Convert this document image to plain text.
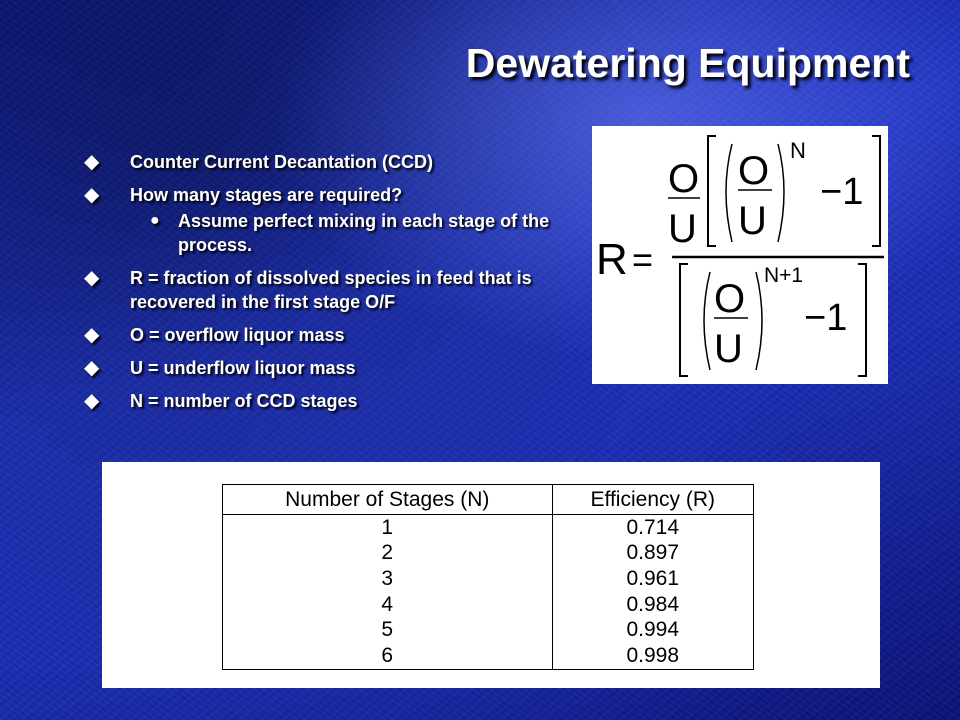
Dewatering Equipment
◆ Counter Current Decantation (CCD)
◆ How many stages are required?
● Assume perfect mixing in each stage of the process.
◆ R = fraction of dissolved species in feed that is recovered in the first stage O/F
◆ O = overflow liquor mass
◆ U = underflow liquor mass
◆ N = number of CCD stages
R =
O
U
O
U
N
−1
O
U
N+1
−1
Number of Stages (N)	Efficiency (R)
1	0.714
2	0.897
3	0.961
4	0.984
5	0.994
6	0.998
